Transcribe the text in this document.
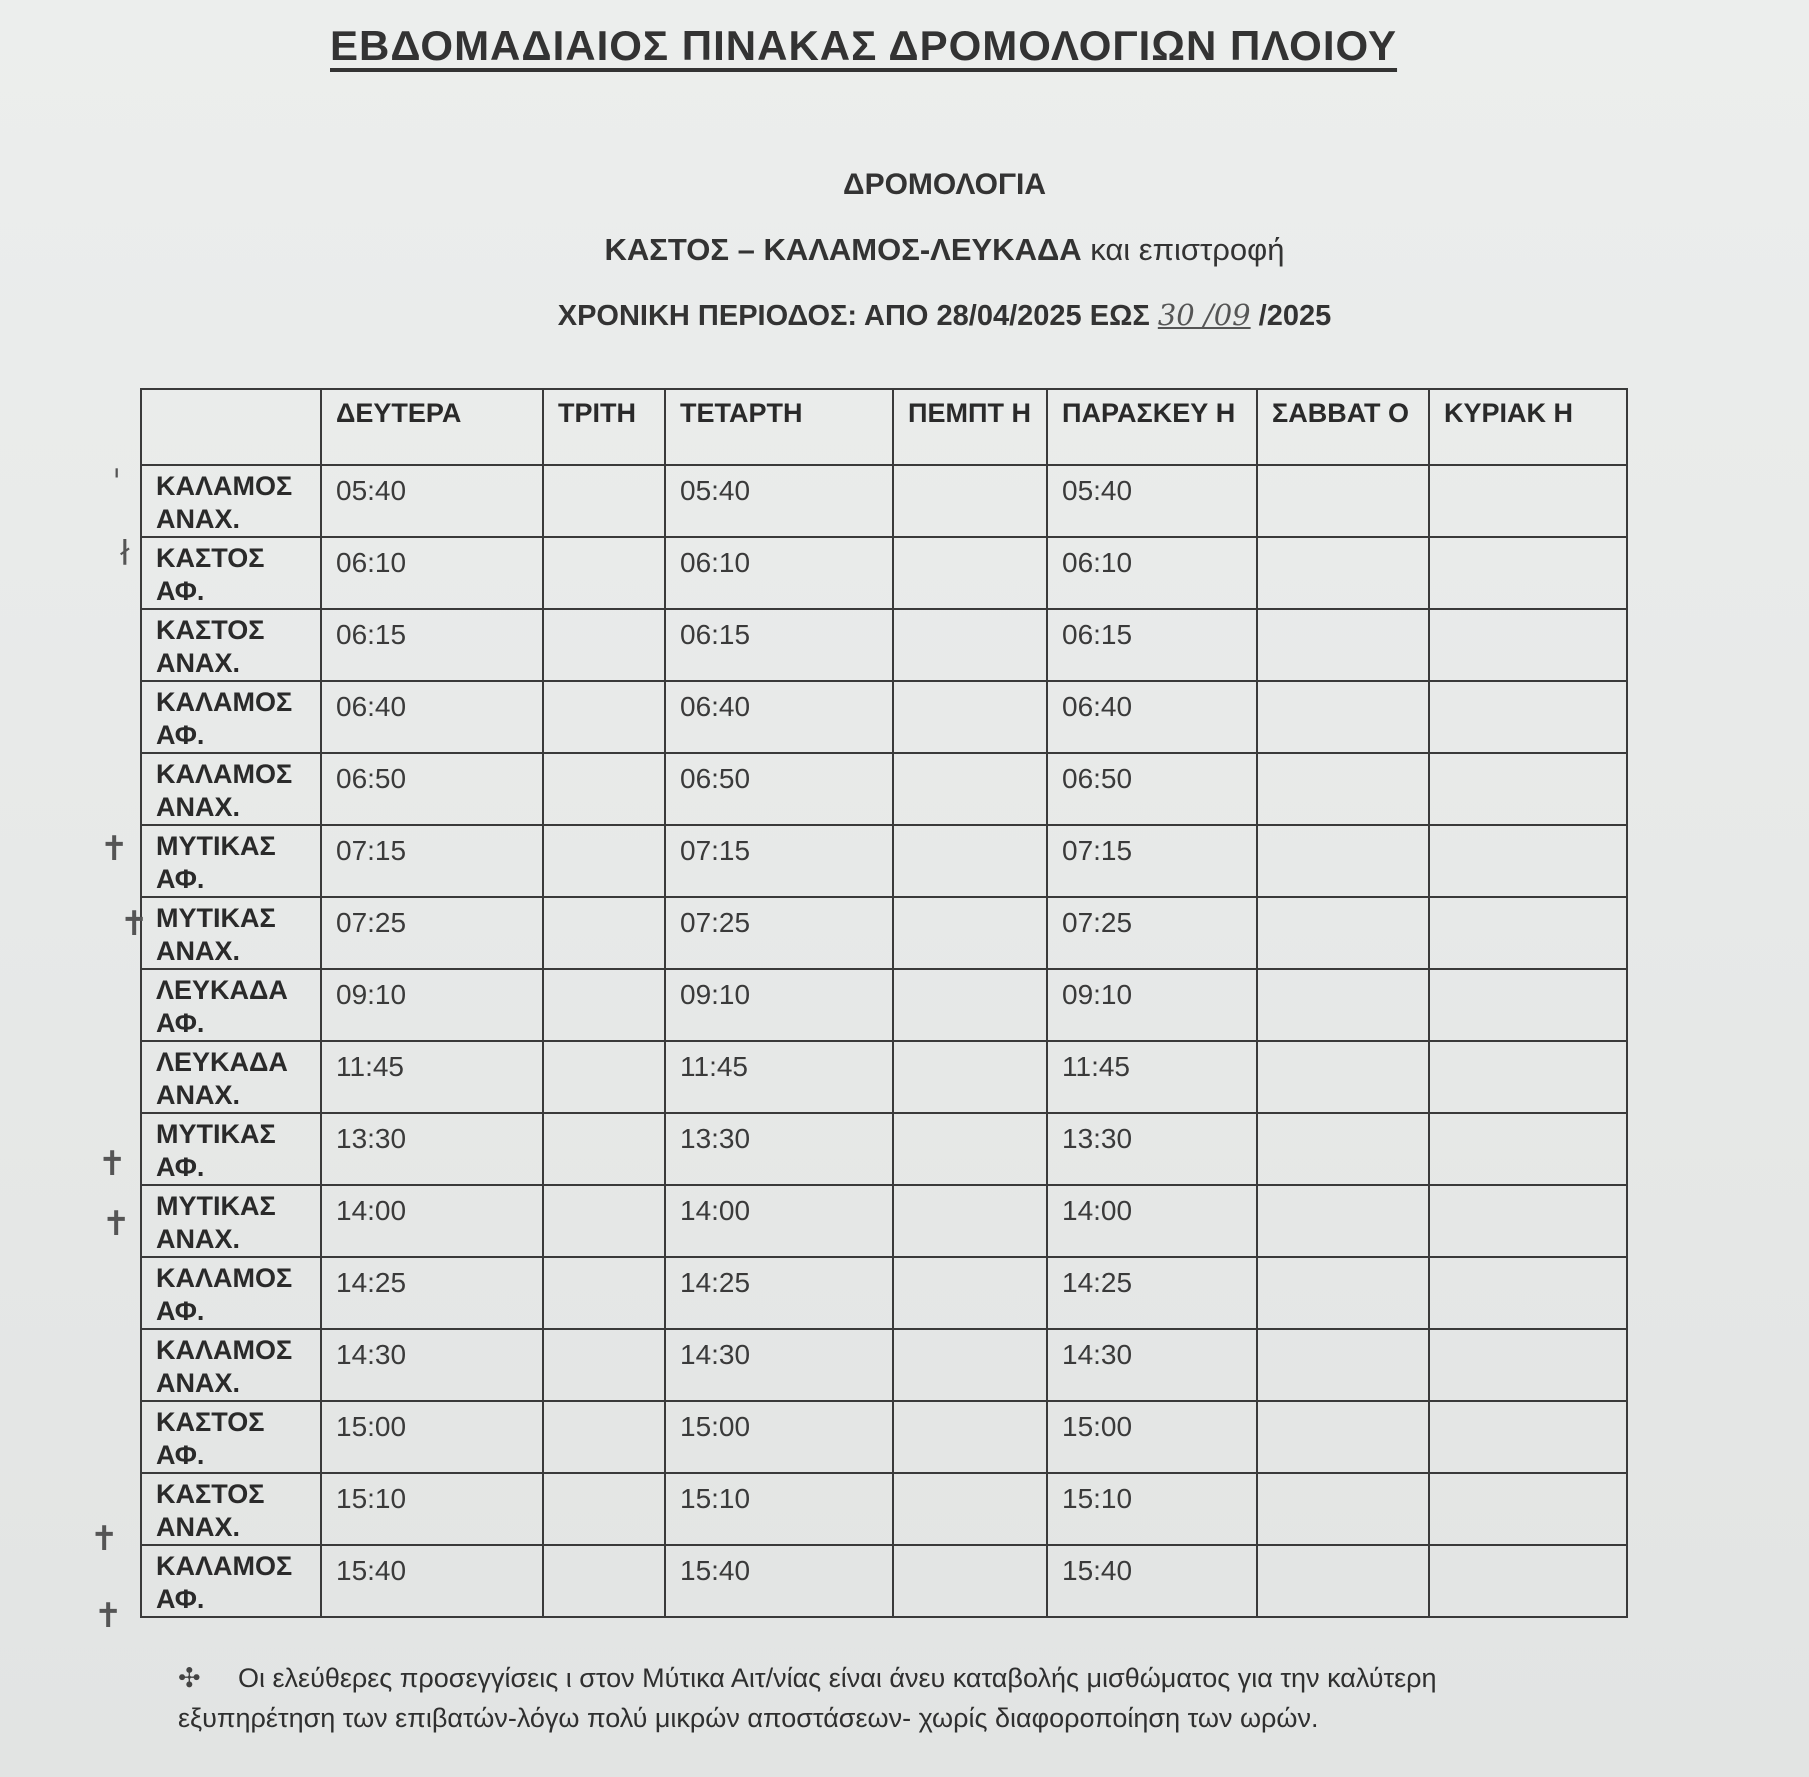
ΕΒΔΟΜΑΔΙΑΙΟΣ ΠΙΝΑΚΑΣ ΔΡΟΜΟΛΟΓΙΩΝ ΠΛΟΙΟΥ
ΔΡΟΜΟΛΟΓΙΑ
ΚΑΣΤΟΣ – ΚΑΛΑΜΟΣ-ΛΕΥΚΑΔΑ και επιστροφή
ΧΡΟΝΙΚΗ ΠΕΡΙΟΔΟΣ: ΑΠΟ 28/04/2025 ΕΩΣ 30 /09 /2025
	ΔΕΥΤΕΡΑ	ΤΡΙΤΗ	ΤΕΤΑΡΤΗ	ΠΕΜΠΤ Η	ΠΑΡΑΣΚΕΥ Η	ΣΑΒΒΑΤ Ο	ΚΥΡΙΑΚ Η
ΚΑΛΑΜΟΣ ΑΝΑΧ.	05:40		05:40		05:40		
ΚΑΣΤΟΣ ΑΦ.	06:10		06:10		06:10		
ΚΑΣΤΟΣ ΑΝΑΧ.	06:15		06:15		06:15		
ΚΑΛΑΜΟΣ ΑΦ.	06:40		06:40		06:40		
ΚΑΛΑΜΟΣ ΑΝΑΧ.	06:50		06:50		06:50		
ΜΥΤΙΚΑΣ ΑΦ.	07:15		07:15		07:15		
ΜΥΤΙΚΑΣ ΑΝΑΧ.	07:25		07:25		07:25		
ΛΕΥΚΑΔΑ ΑΦ.	09:10		09:10		09:10		
ΛΕΥΚΑΔΑ ΑΝΑΧ.	11:45		11:45		11:45		
ΜΥΤΙΚΑΣ ΑΦ.	13:30		13:30		13:30		
ΜΥΤΙΚΑΣ ΑΝΑΧ.	14:00		14:00		14:00		
ΚΑΛΑΜΟΣ ΑΦ.	14:25		14:25		14:25		
ΚΑΛΑΜΟΣ ΑΝΑΧ.	14:30		14:30		14:30		
ΚΑΣΤΟΣ ΑΦ.	15:00		15:00		15:00		
ΚΑΣΤΟΣ ΑΝΑΧ.	15:10		15:10		15:10		
ΚΑΛΑΜΟΣ ΑΦ.	15:40		15:40		15:40		
ˈ
ł
✝
✝
✝
✝
✝
✝
✣ Οι ελεύθερες προσεγγίσεις ι στον Μύτικα Αιτ/νίας είναι άνευ καταβολής μισθώματος για την καλύτερη εξυπηρέτηση των επιβατών-λόγω πολύ μικρών αποστάσεων- χωρίς διαφοροποίηση των ωρών.
